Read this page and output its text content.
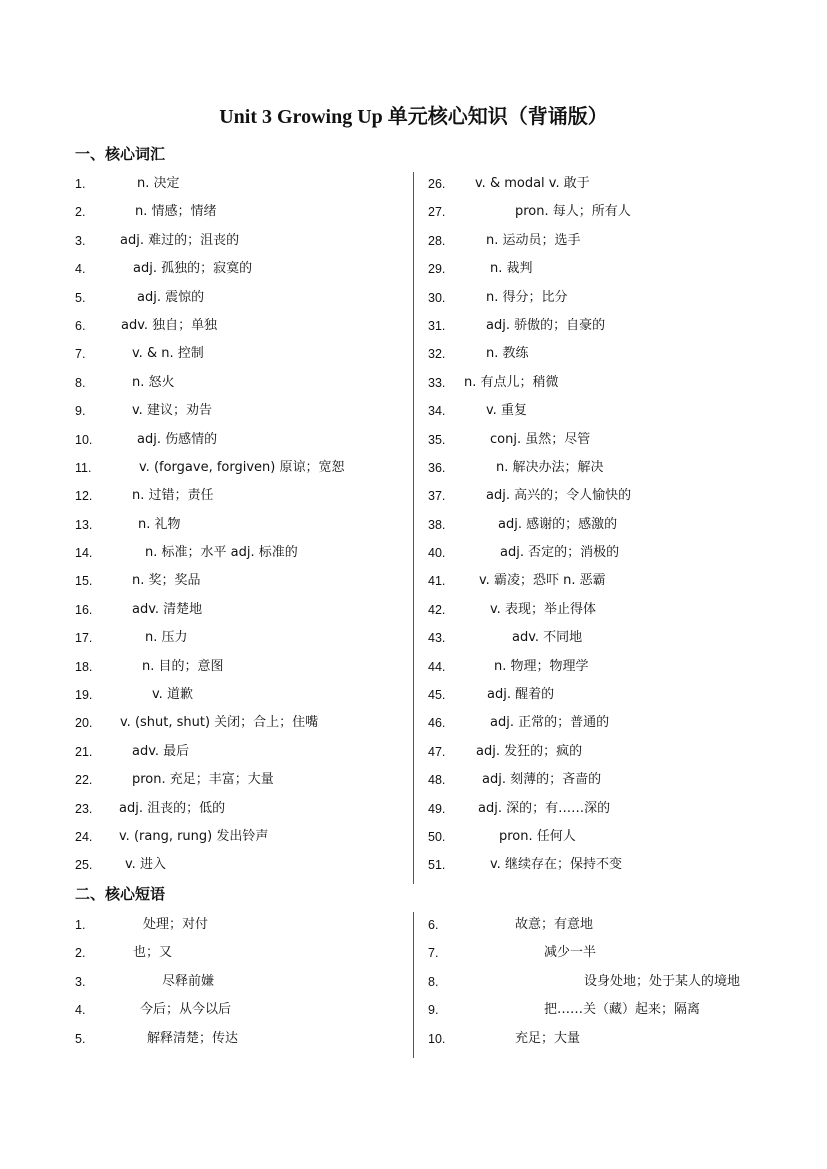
Unit 3 Growing Up 单元核心知识（背诵版）
一、核心词汇
1.	n. 决定
2.	n. 情感；情绪
3.	adj. 难过的；沮丧的
4.	adj. 孤独的；寂寞的
5.	adj. 震惊的
6.	adv. 独自；单独
7.	v. & n. 控制
8.	n. 怒火
9.	v. 建议；劝告
10.	adj. 伤感情的
11.	v. (forgave, forgiven) 原谅；宽恕
12.	n. 过错；责任
13.	n. 礼物
14.	n. 标准；水平 adj. 标准的
15.	n. 奖；奖品
16.	adv. 清楚地
17.	n. 压力
18.	n. 目的；意图
19.	v. 道歉
20. v. (shut, shut) 关闭；合上；住嘴
21.	adv. 最后
22.	pron. 充足；丰富；大量
23. adj. 沮丧的；低的
24. v. (rang, rung) 发出铃声
25.	v. 进入
26. v. & modal v. 敢于
27.	pron. 每人；所有人
28.	n. 运动员；选手
29.	n. 裁判
30.	n. 得分；比分
31.	adj. 骄傲的；自豪的
32.	n. 教练
33. n. 有点儿；稍微
34.	v. 重复
35.	conj. 虽然；尽管
36.	n. 解决办法；解决
37.	adj. 高兴的；令人愉快的
38.	adj. 感谢的；感激的
40.	adj. 否定的；消极的
41.	v. 霸凌；恐吓 n. 恶霸
42.	v. 表现；举止得体
43.	adv. 不同地
44.	n. 物理；物理学
45.	adj. 醒着的
46.	adj. 正常的；普通的
47. adj. 发狂的；疯的
48.	adj. 刻薄的；吝啬的
49.	adj. 深的；有……深的
50.	pron. 任何人
51.	v. 继续存在；保持不变
二、核心短语
1.	处理；对付
2.	也；又
3.	尽释前嫌
4.	今后；从今以后
5.	解释清楚；传达
6.	故意；有意地
7.	减少一半
8.	设身处地；处于某人的境地
9.	把……关（藏）起来；隔离
10.	充足；大量
